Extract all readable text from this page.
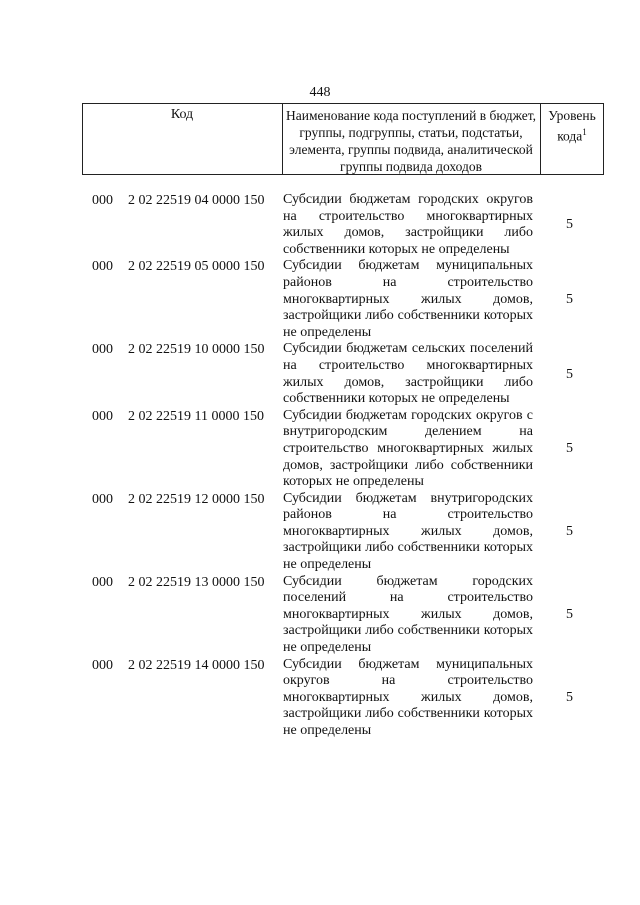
448
Код	Наименование кода поступлений в бюджет, группы, подгруппы, статьи, подстатьи, элемента, группы подвида, аналитической группы подвида доходов
Уровень кода$^1$
000 2 02 22519 04 0000 150 Субсидии бюджетам городских округов на строительство многоквартирных жилых домов, застройщики либо собственники которых не определены
5
000 2 02 22519 05 0000 150 Субсидии бюджетам муниципальных районов на строительство многоквартирных жилых домов, застройщики либо собственники которых не определены
5
000 2 02 22519 10 0000 150 Субсидии бюджетам сельских поселений на строительство многоквартирных жилых домов, застройщики либо собственники которых не определены
5
000 2 02 22519 11 0000 150 Субсидии бюджетам городских округов с внутригородским делением на строительство многоквартирных жилых домов, застройщики либо собственники которых не определены
5
000 2 02 22519 12 0000 150 Субсидии бюджетам внутригородских районов на строительство многоквартирных жилых домов, застройщики либо собственники которых не определены
5
000 2 02 22519 13 0000 150 Субсидии бюджетам городских поселений на строительство многоквартирных жилых домов, застройщики либо собственники которых не определены
5
000 2 02 22519 14 0000 150 Субсидии бюджетам муниципальных округов на строительство многоквартирных жилых домов, застройщики либо собственники которых не определены
5
